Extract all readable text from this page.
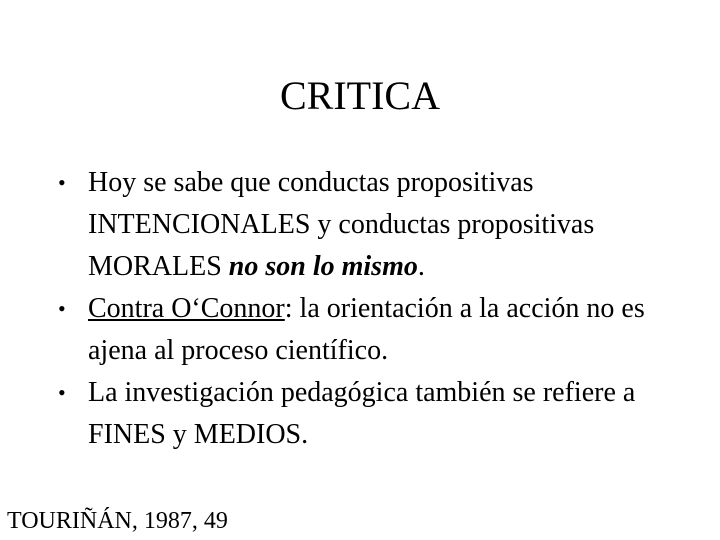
CRITICA
• Hoy se sabe que conductas propositivas INTENCIONALES y conductas propositivas MORALES no son lo mismo.
• Contra O‘Connor: la orientación a la acción no es ajena al proceso científico.
• La investigación pedagógica también se refiere a FINES y MEDIOS.

TOURIÑÁN, 1987, 49
